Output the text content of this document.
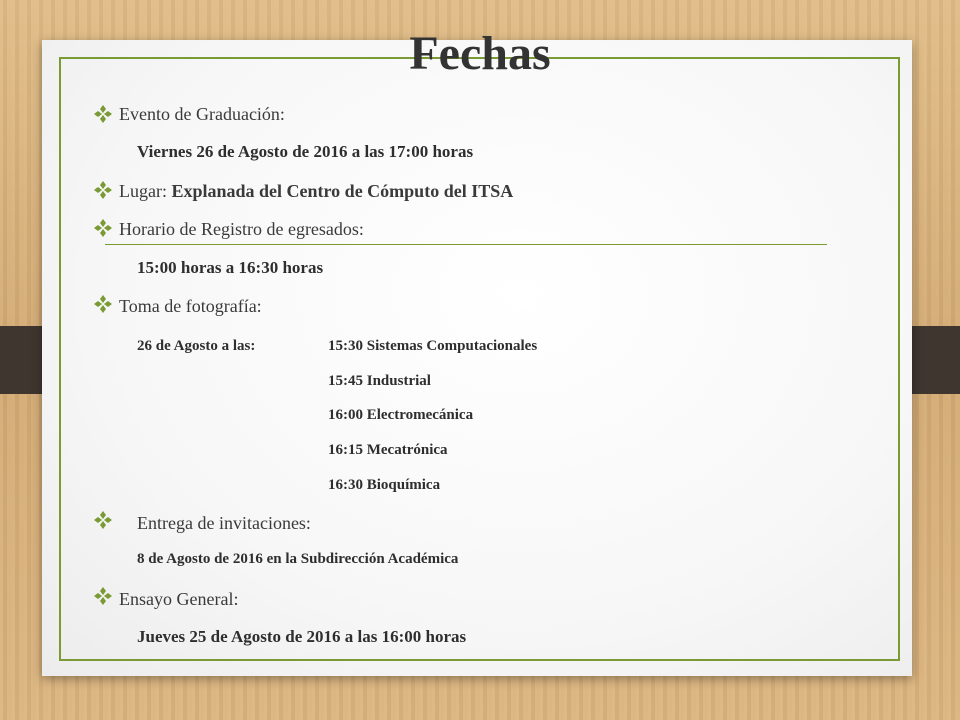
Fechas
Evento de Graduación:
Viernes 26 de Agosto de 2016 a las 17:00 horas
Lugar: Explanada del Centro de Cómputo del ITSA
Horario de Registro de egresados:
15:00 horas a 16:30 horas
Toma de fotografía:
26 de Agosto a las:	15:30 Sistemas Computacionales
15:45 Industrial
16:00 Electromecánica
16:15 Mecatrónica
16:30 Bioquímica
Entrega de invitaciones:
8 de Agosto de 2016 en la Subdirección Académica
Ensayo General:
Jueves 25 de Agosto de 2016 a las 16:00 horas
